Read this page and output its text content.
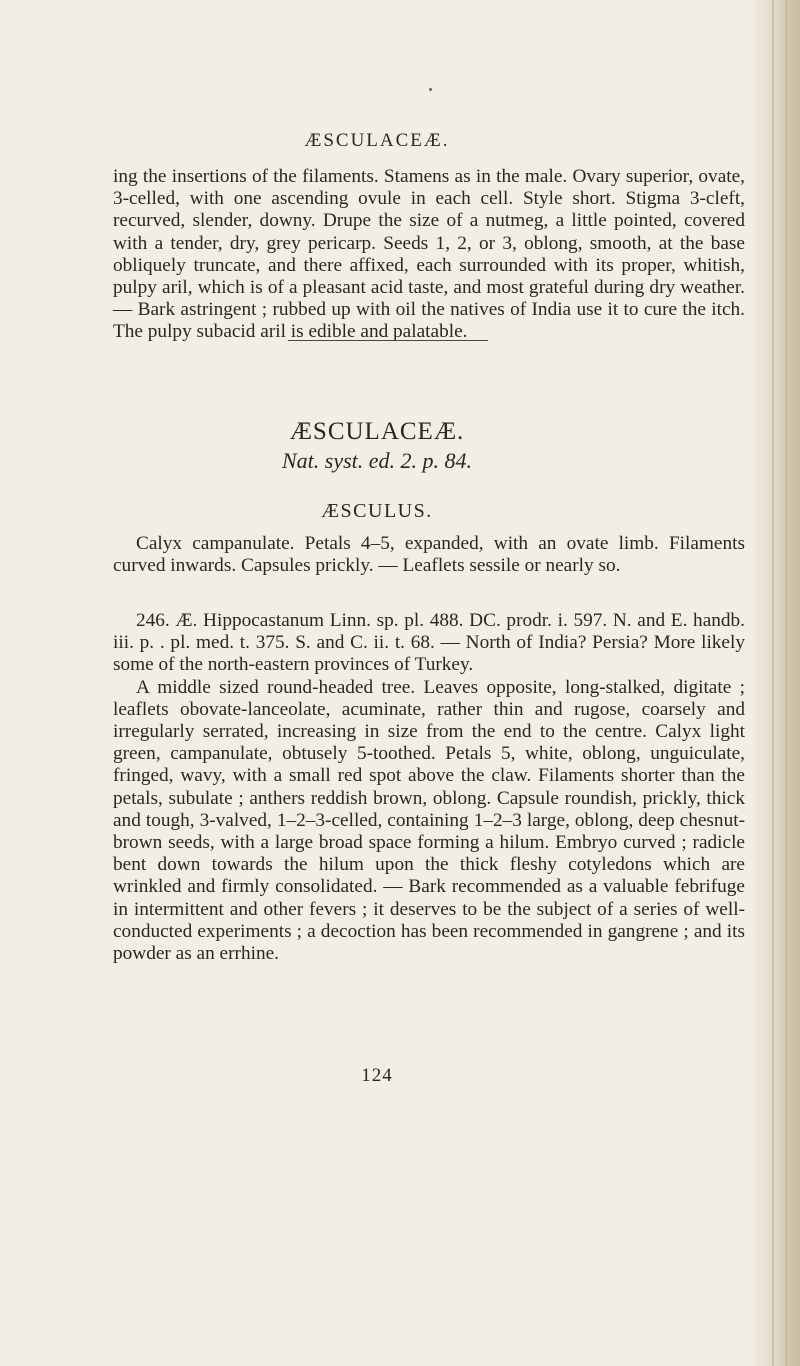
ÆSCULACEÆ.

ing the insertions of the filaments. Stamens as in the male. Ovary superior, ovate, 3-celled, with one ascending ovule in each cell. Style short. Stigma 3-cleft, recurved, slender, downy. Drupe the size of a nutmeg, a little pointed, covered with a tender, dry, grey pericarp. Seeds 1, 2, or 3, oblong, smooth, at the base obliquely truncate, and there affixed, each surrounded with its proper, whitish, pulpy aril, which is of a pleasant acid taste, and most grateful during dry weather. — Bark astringent ; rubbed up with oil the natives of India use it to cure the itch. The pulpy subacid aril is edible and palatable.

ÆSCULACEÆ.
Nat. syst. ed. 2. p. 84.
ÆSCULUS.

Calyx campanulate. Petals 4–5, expanded, with an ovate limb. Filaments curved inwards. Capsules prickly. — Leaflets sessile or nearly so.

246. Æ. Hippocastanum Linn. sp. pl. 488. DC. prodr. i. 597. N. and E. handb. iii. p. . pl. med. t. 375. S. and C. ii. t. 68. — North of India? Persia? More likely some of the north-eastern provinces of Turkey.

A middle sized round-headed tree. Leaves opposite, long-stalked, digitate ; leaflets obovate-lanceolate, acuminate, rather thin and rugose, coarsely and irregularly serrated, increasing in size from the end to the centre. Calyx light green, campanulate, obtusely 5-toothed. Petals 5, white, oblong, unguiculate, fringed, wavy, with a small red spot above the claw. Filaments shorter than the petals, subulate ; anthers reddish brown, oblong. Capsule roundish, prickly, thick and tough, 3-valved, 1–2–3-celled, containing 1–2–3 large, oblong, deep chesnut-brown seeds, with a large broad space forming a hilum. Embryo curved ; radicle bent down towards the hilum upon the thick fleshy cotyledons which are wrinkled and firmly consolidated. — Bark recommended as a valuable febrifuge in intermittent and other fevers ; it deserves to be the subject of a series of well-conducted experiments ; a decoction has been recommended in gangrene ; and its powder as an errhine.

124
